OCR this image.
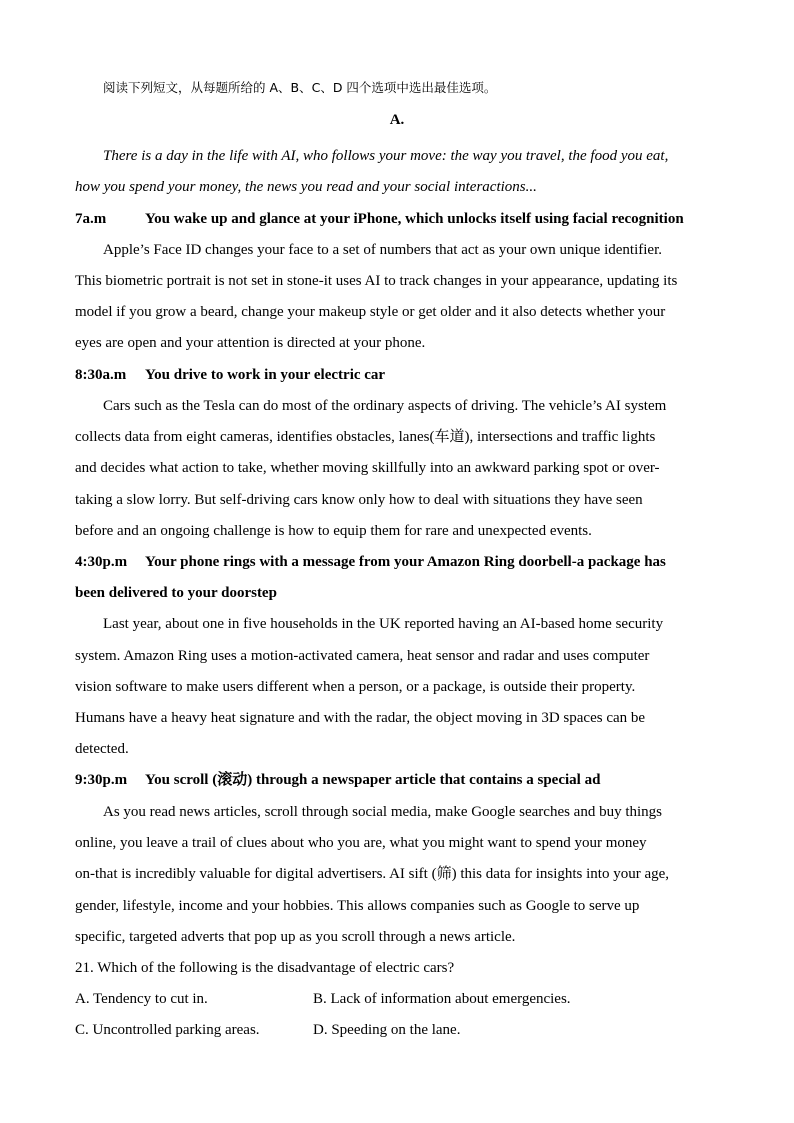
阅读下列短文，从每题所给的 A、B、C、D 四个选项中选出最佳选项。
A.
There is a day in the life with AI, who follows your move: the way you travel, the food you eat,
how you spend your money, the news you read and your social interactions...
7a.m	You wake up and glance at your iPhone, which unlocks itself using facial recognition
Apple’s Face ID changes your face to a set of numbers that act as your own unique identifier.
This biometric portrait is not set in stone-it uses AI to track changes in your appearance, updating its
model if you grow a beard, change your makeup style or get older and it also detects whether your
eyes are open and your attention is directed at your phone.
8:30a.m You drive to work in your electric car
Cars such as the Tesla can do most of the ordinary aspects of driving. The vehicle’s AI system
collects data from eight cameras, identifies obstacles, lanes(车道), intersections and traffic lights
and decides what action to take, whether moving skillfully into an awkward parking spot or over-
taking a slow lorry. But self-driving cars know only how to deal with situations they have seen
before and an ongoing challenge is how to equip them for rare and unexpected events.
4:30p.m Your phone rings with a message from your Amazon Ring doorbell-a package has
been delivered to your doorstep
Last year, about one in five households in the UK reported having an AI-based home security
system. Amazon Ring uses a motion-activated camera, heat sensor and radar and uses computer
vision software to make users different when a person, or a package, is outside their property.
Humans have a heavy heat signature and with the radar, the object moving in 3D spaces can be
detected.
9:30p.m You scroll (滚动) through a newspaper article that contains a special ad
As you read news articles, scroll through social media, make Google searches and buy things
online, you leave a trail of clues about who you are, what you might want to spend your money
on-that is incredibly valuable for digital advertisers. AI sift (筛) this data for insights into your age,
gender, lifestyle, income and your hobbies. This allows companies such as Google to serve up
specific, targeted adverts that pop up as you scroll through a news article.
21. Which of the following is the disadvantage of electric cars?
A. Tendency to cut in.	B. Lack of information about emergencies.
C. Uncontrolled parking areas.	D. Speeding on the lane.
